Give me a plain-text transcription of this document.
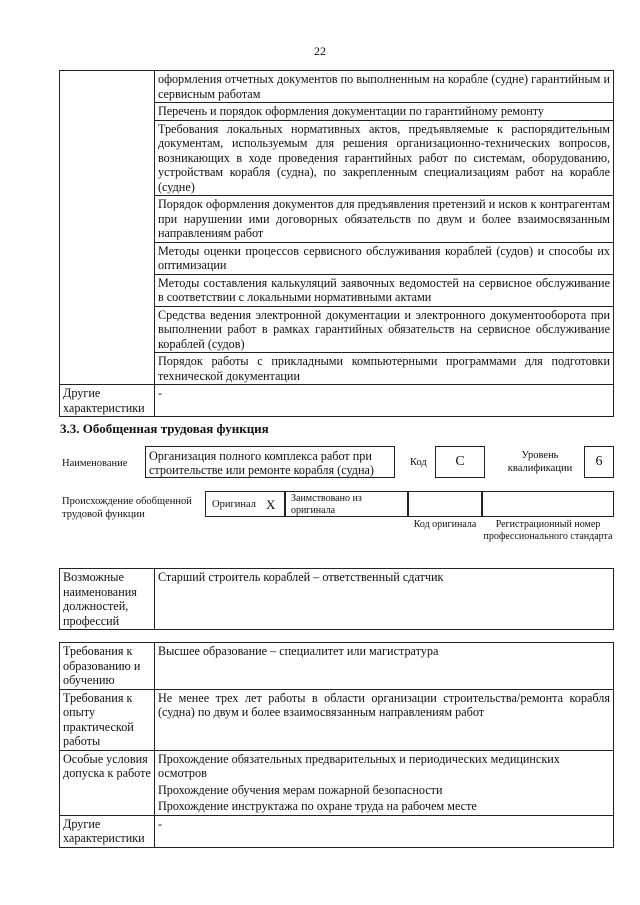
22
	оформления отчетных документов по выполненным на корабле (судне) гарантийным и сервисным работам
	Перечень и порядок оформления документации по гарантийному ремонту
	Требования локальных нормативных актов, предъявляемые к распорядительным документам, используемым для решения организационно-технических вопросов, возникающих в ходе проведения гарантийных работ по системам, оборудованию, устройствам корабля (судна), по закрепленным специализациям работ на корабле (судне)
	Порядок оформления документов для предъявления претензий и исков к контрагентам при нарушении ими договорных обязательств по двум и более взаимосвязанным направлениям работ
	Методы оценки процессов сервисного обслуживания кораблей (судов) и способы их оптимизации
	Методы составления калькуляций заявочных ведомостей на сервисное обслуживание в соответствии с локальными нормативными актами
	Средства ведения электронной документации и электронного документооборота при выполнении работ в рамках гарантийных обязательств на сервисное обслуживание кораблей (судов)
	Порядок работы с прикладными компьютерными программами для подготовки технической документации
Другие характеристики	-
3.3. Обобщенная трудовая функция
Наименование
Организация полного комплекса работ при строительстве или ремонте корабля (судна)
Код	C	Уровень квалификации	6
Происхождение обобщенной трудовой функции
Оригинал X	Заимствовано из оригинала
Код оригинала	Регистрационный номер профессионального стандарта
Возможные наименования должностей, профессий	Старший строитель кораблей – ответственный сдатчик
Требования к образованию и обучению	Высшее образование – специалитет или магистратура
Требования к опыту практической работы	Не менее трех лет работы в области организации строительства/ремонта корабля (судна) по двум и более взаимосвязанным направлениям работ
Особые условия допуска к работе	Прохождение обязательных предварительных и периодических медицинских осмотров
	Прохождение обучения мерам пожарной безопасности
	Прохождение инструктажа по охране труда на рабочем месте
Другие характеристики	-
